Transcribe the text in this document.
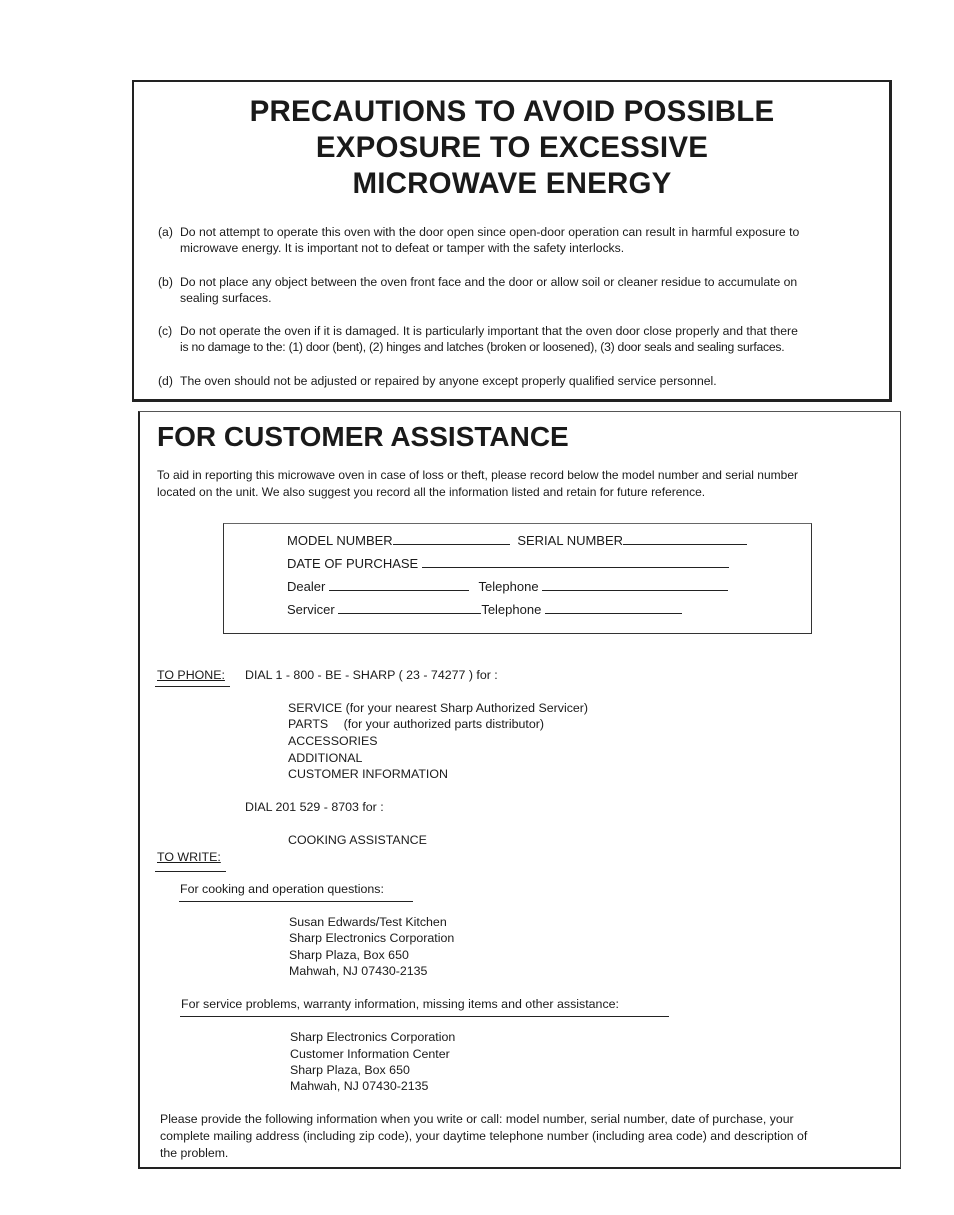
PRECAUTIONS TO AVOID POSSIBLE
EXPOSURE TO EXCESSIVE
MICROWAVE ENERGY
(a) Do not attempt to operate this oven with the door open since open-door operation can result in harmful exposure to
microwave energy. It is important not to defeat or tamper with the safety interlocks.
(b) Do not place any object between the oven front face and the door or allow soil or cleaner residue to accumulate on
sealing surfaces.
(c) Do not operate the oven if it is damaged. It is particularly important that the oven door close properly and that there
is no damage to the: (1) door (bent), (2) hinges and latches (broken or loosened), (3) door seals and sealing surfaces.
(d) The oven should not be adjusted or repaired by anyone except properly qualified service personnel.
FOR CUSTOMER ASSISTANCE
To aid in reporting this microwave oven in case of loss or theft, please record below the model number and serial number
located on the unit. We also suggest you record all the information listed and retain for future reference.
MODEL NUMBER	SERIAL NUMBER
DATE OF PURCHASE
Dealer	Telephone
Servicer	Telephone
TO PHONE: DIAL 1 - 800 - BE - SHARP ( 23 - 74277 ) for :
SERVICE (for your nearest Sharp Authorized Servicer)
PARTS (for your authorized parts distributor)
ACCESSORIES
ADDITIONAL
CUSTOMER INFORMATION
DIAL 201 529 - 8703 for :
COOKING ASSISTANCE
TO WRITE:
For cooking and operation questions:
Susan Edwards/Test Kitchen
Sharp Electronics Corporation
Sharp Plaza, Box 650
Mahwah, NJ 07430-2135
For service problems, warranty information, missing items and other assistance:
Sharp Electronics Corporation
Customer Information Center
Sharp Plaza, Box 650
Mahwah, NJ 07430-2135
Please provide the following information when you write or call: model number, serial number, date of purchase, your
complete mailing address (including zip code), your daytime telephone number (including area code) and description of
the problem.
